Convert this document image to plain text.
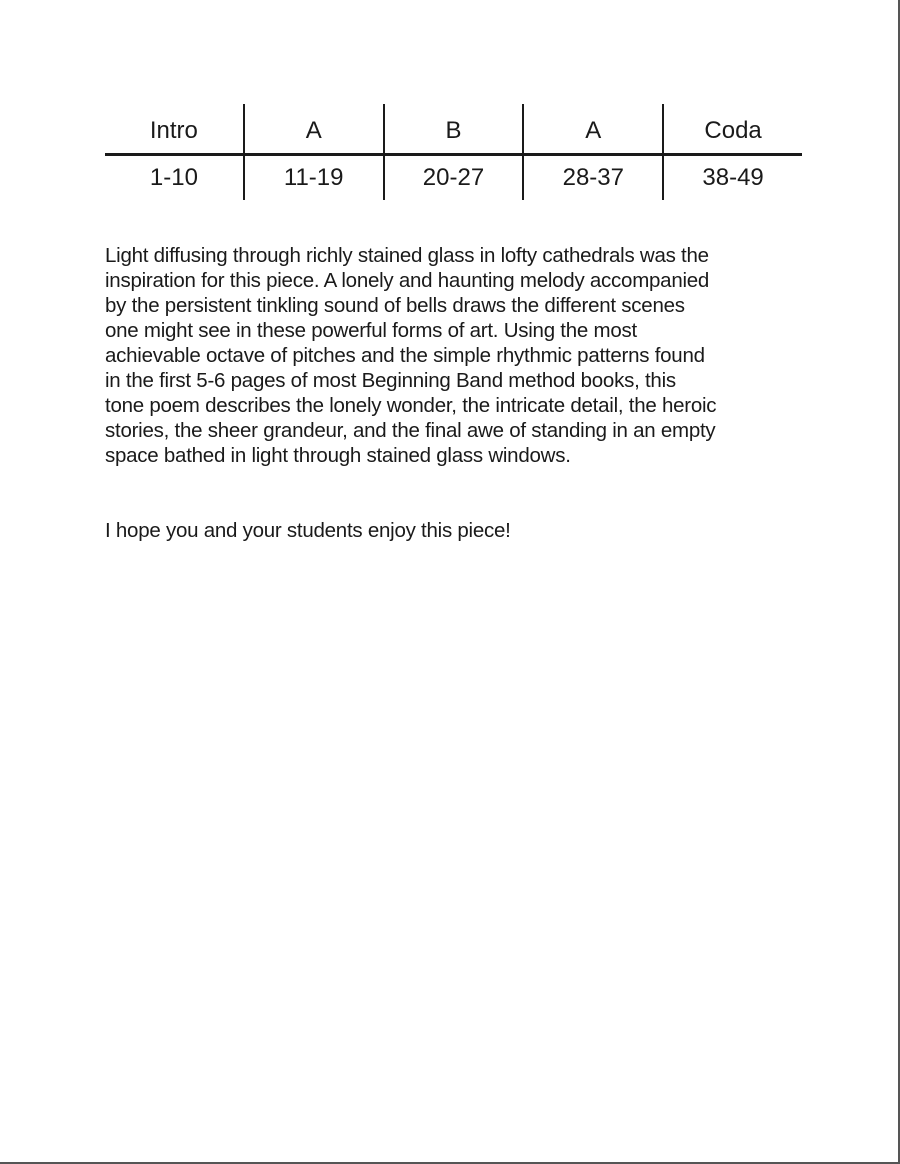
Intro	A	B	A	Coda
1-10	11-19	20-27	28-37	38-49

Light diffusing through richly stained glass in lofty cathedrals was the
inspiration for this piece. A lonely and haunting melody accompanied
by the persistent tinkling sound of bells draws the different scenes
one might see in these powerful forms of art. Using the most
achievable octave of pitches and the simple rhythmic patterns found
in the first 5-6 pages of most Beginning Band method books, this
tone poem describes the lonely wonder, the intricate detail, the heroic
stories, the sheer grandeur, and the final awe of standing in an empty
space bathed in light through stained glass windows.

I hope you and your students enjoy this piece!
